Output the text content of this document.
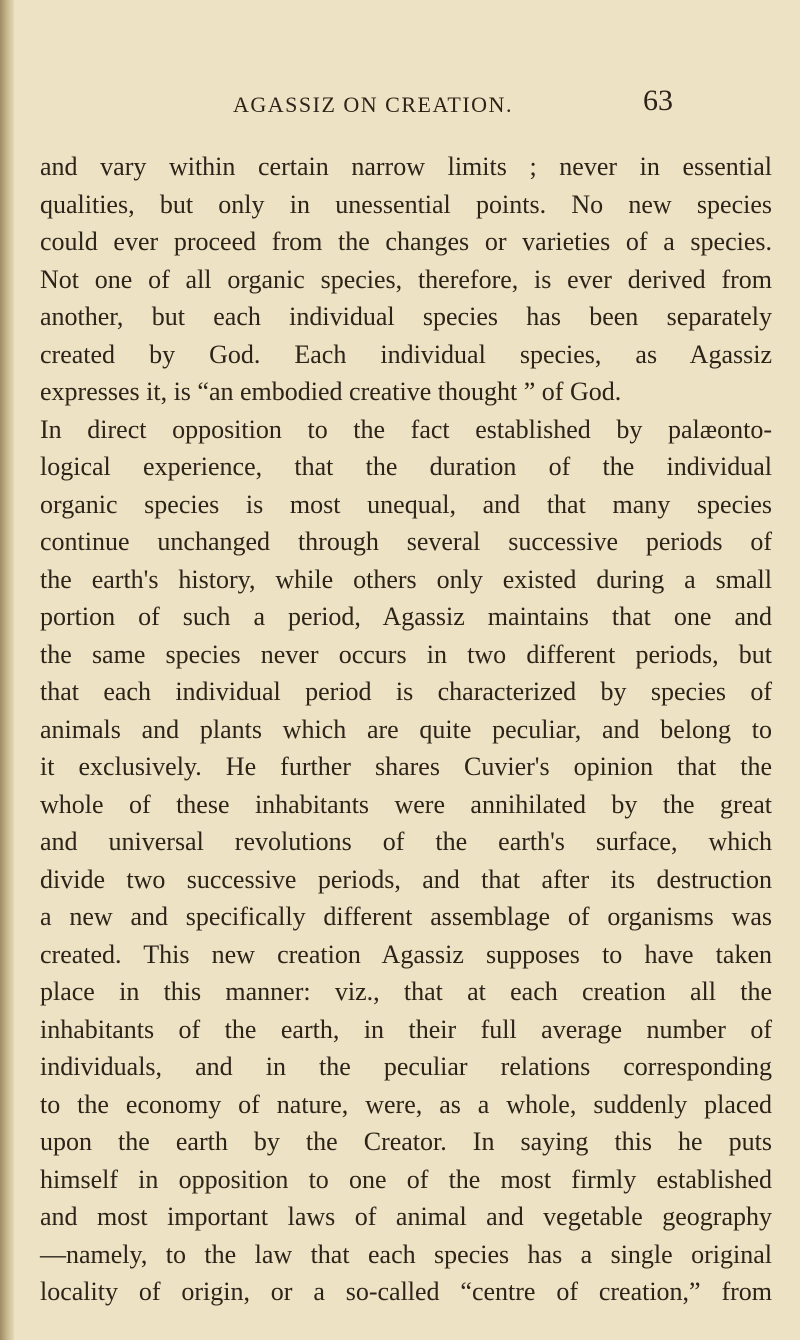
AGASSIZ ON CREATION.	63
and vary within certain narrow limits ; never in essential
qualities, but only in unessential points. No new species
could ever proceed from the changes or varieties of a species.
Not one of all organic species, therefore, is ever derived from
another, but each individual species has been separately
created by God. Each individual species, as Agassiz
expresses it, is “an embodied creative thought ” of God.
In direct opposition to the fact established by palæonto-
logical experience, that the duration of the individual
organic species is most unequal, and that many species
continue unchanged through several successive periods of
the earth's history, while others only existed during a small
portion of such a period, Agassiz maintains that one and
the same species never occurs in two different periods, but
that each individual period is characterized by species of
animals and plants which are quite peculiar, and belong to
it exclusively. He further shares Cuvier's opinion that the
whole of these inhabitants were annihilated by the great
and universal revolutions of the earth's surface, which
divide two successive periods, and that after its destruction
a new and specifically different assemblage of organisms was
created. This new creation Agassiz supposes to have taken
place in this manner: viz., that at each creation all the
inhabitants of the earth, in their full average number of
individuals, and in the peculiar relations corresponding
to the economy of nature, were, as a whole, suddenly placed
upon the earth by the Creator. In saying this he puts
himself in opposition to one of the most firmly established
and most important laws of animal and vegetable geography
—namely, to the law that each species has a single original
locality of origin, or a so-called “centre of creation,” from
